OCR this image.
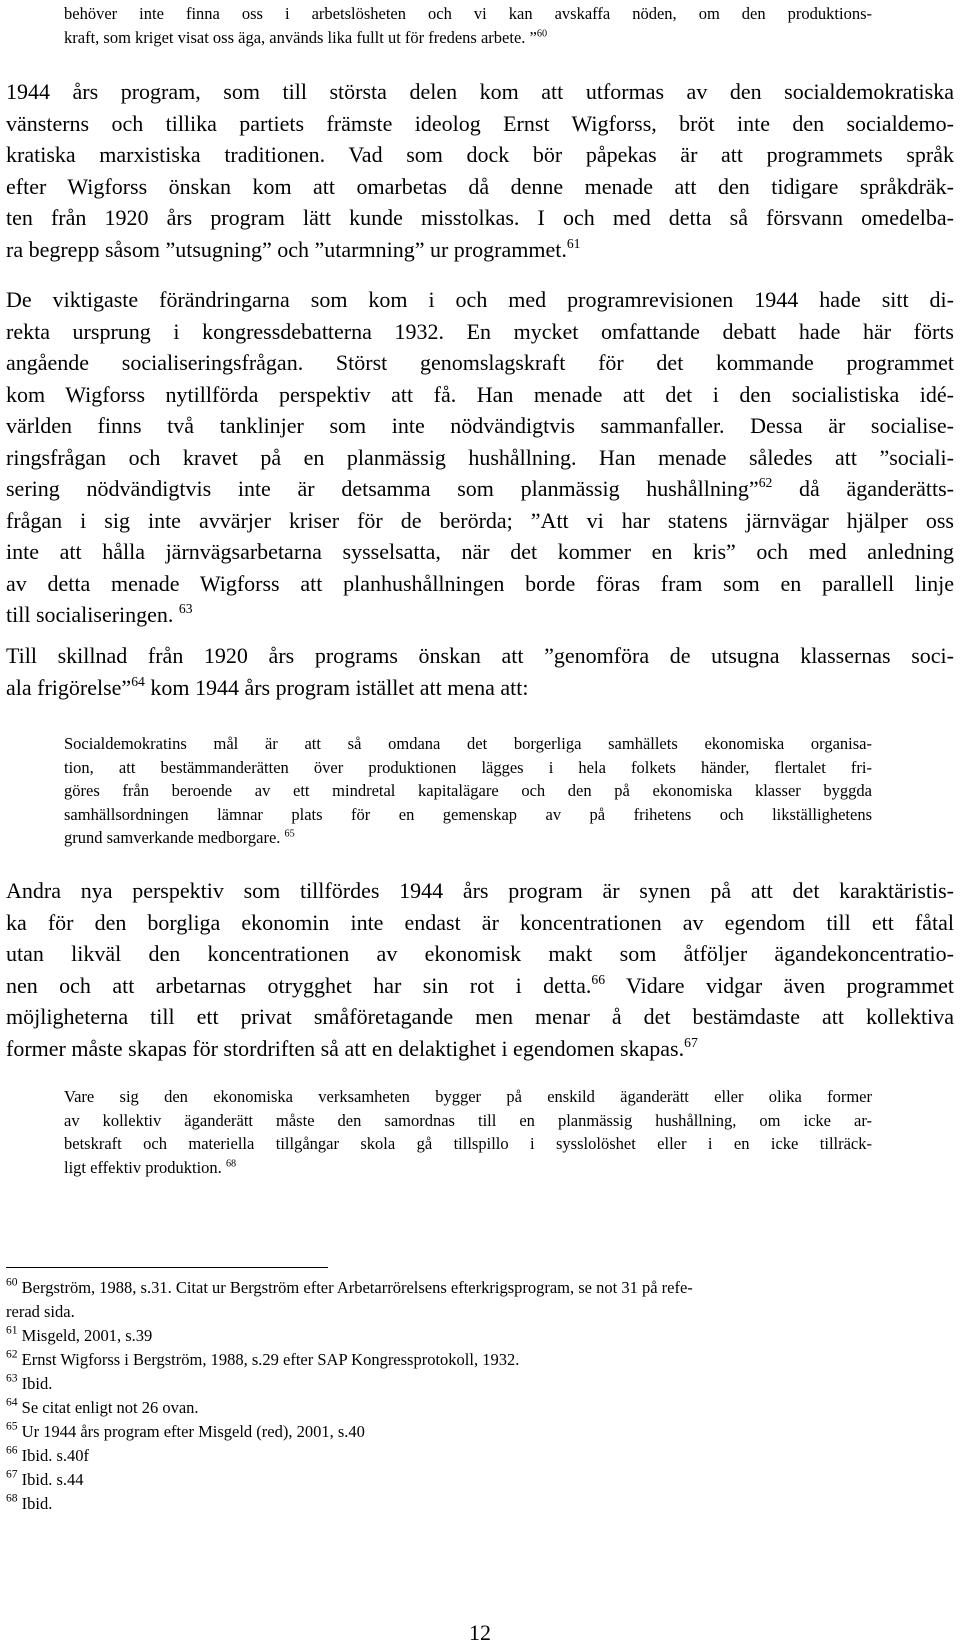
behöver inte finna oss i arbetslösheten och vi kan avskaffa nöden, om den produktions-
kraft, som kriget visat oss äga, används lika fullt ut för fredens arbete. ”$^{60}$
1944 års program, som till största delen kom att utformas av den socialdemokratiska
vänsterns och tillika partiets främste ideolog Ernst Wigforss, bröt inte den socialdemo-
kratiska marxistiska traditionen. Vad som dock bör påpekas är att programmets språk
efter Wigforss önskan kom att omarbetas då denne menade att den tidigare språkdräk-
ten från 1920 års program lätt kunde misstolkas. I och med detta så försvann omedelba-
ra begrepp såsom ”utsugning” och ”utarmning” ur programmet.$^{61}$
De viktigaste förändringarna som kom i och med programrevisionen 1944 hade sitt di-
rekta ursprung i kongressdebatterna 1932. En mycket omfattande debatt hade här förts
angående socialiseringsfrågan. Störst genomslagskraft för det kommande programmet
kom Wigforss nytillförda perspektiv att få. Han menade att det i den socialistiska idé-
världen finns två tanklinjer som inte nödvändigtvis sammanfaller. Dessa är socialise-
ringsfrågan och kravet på en planmässig hushållning. Han menade således att ”sociali-
sering nödvändigtvis inte är detsamma som planmässig hushållning”$^{62}$ då äganderätts-
frågan i sig inte avvärjer kriser för de berörda; ”Att vi har statens järnvägar hjälper oss
inte att hålla järnvägsarbetarna sysselsatta, när det kommer en kris” och med anledning
av detta menade Wigforss att planhushållningen borde föras fram som en parallell linje
till socialiseringen. $^{63}$
Till skillnad från 1920 års programs önskan att ”genomföra de utsugna klassernas soci-
ala frigörelse”$^{64}$ kom 1944 års program istället att mena att:
Socialdemokratins mål är att så omdana det borgerliga samhällets ekonomiska organisa-
tion, att bestämmanderätten över produktionen lägges i hela folkets händer, flertalet fri-
göres från beroende av ett mindretal kapitalägare och den på ekonomiska klasser byggda
samhällsordningen lämnar plats för en gemenskap av på frihetens och likställighetens
grund samverkande medborgare. $^{65}$
Andra nya perspektiv som tillfördes 1944 års program är synen på att det karaktäristis-
ka för den borgliga ekonomin inte endast är koncentrationen av egendom till ett fåtal
utan likväl den koncentrationen av ekonomisk makt som åtföljer ägandekoncentratio-
nen och att arbetarnas otrygghet har sin rot i detta.$^{66}$ Vidare vidgar även programmet
möjligheterna till ett privat småföretagande men menar å det bestämdaste att kollektiva
former måste skapas för stordriften så att en delaktighet i egendomen skapas.$^{67}$
Vare sig den ekonomiska verksamheten bygger på enskild äganderätt eller olika former
av kollektiv äganderätt måste den samordnas till en planmässig hushållning, om icke ar-
betskraft och materiella tillgångar skola gå tillspillo i sysslolöshet eller i en icke tillräck-
ligt effektiv produktion. $^{68}$
$^{60}$ Bergström, 1988, s.31. Citat ur Bergström efter Arbetarrörelsens efterkrigsprogram, se not 31 på refe-
rerad sida.
$^{61}$ Misgeld, 2001, s.39
$^{62}$ Ernst Wigforss i Bergström, 1988, s.29 efter SAP Kongressprotokoll, 1932.
$^{63}$ Ibid.
$^{64}$ Se citat enligt not 26 ovan.
$^{65}$ Ur 1944 års program efter Misgeld (red), 2001, s.40
$^{66}$ Ibid. s.40f
$^{67}$ Ibid. s.44
$^{68}$ Ibid.
12
